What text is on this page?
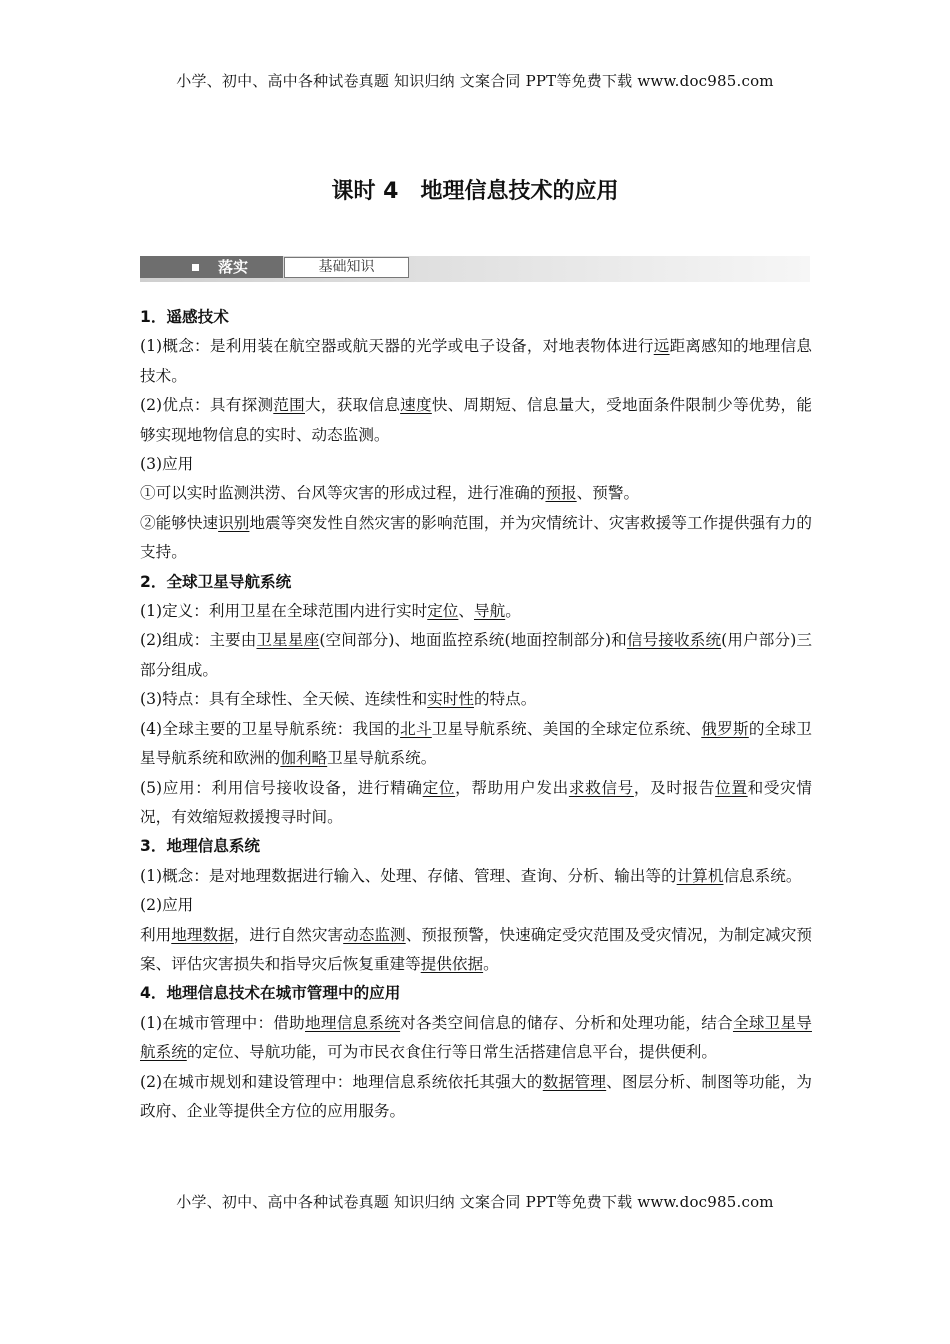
小学、初中、高中各种试卷真题 知识归纳 文案合同 PPT等免费下载 www.doc985.com
课时 4　地理信息技术的应用
落实	基础知识

1．遥感技术

(1)概念：是利用装在航空器或航天器的光学或电子设备，对地表物体进行远距离感知的地理信息技术。

(2)优点：具有探测范围大，获取信息速度快、周期短、信息量大，受地面条件限制少等优势，能够实现地物信息的实时、动态监测。

(3)应用

①可以实时监测洪涝、台风等灾害的形成过程，进行准确的预报、预警。

②能够快速识别地震等突发性自然灾害的影响范围，并为灾情统计、灾害救援等工作提供强有力的支持。

2．全球卫星导航系统

(1)定义：利用卫星在全球范围内进行实时定位、导航。

(2)组成：主要由卫星星座(空间部分)、地面监控系统(地面控制部分)和信号接收系统(用户部分)三部分组成。

(3)特点：具有全球性、全天候、连续性和实时性的特点。

(4)全球主要的卫星导航系统：我国的北斗卫星导航系统、美国的全球定位系统、俄罗斯的全球卫星导航系统和欧洲的伽利略卫星导航系统。

(5)应用：利用信号接收设备，进行精确定位，帮助用户发出求救信号，及时报告位置和受灾情况，有效缩短救援搜寻时间。

3．地理信息系统

(1)概念：是对地理数据进行输入、处理、存储、管理、查询、分析、输出等的计算机信息系统。

(2)应用

利用地理数据，进行自然灾害动态监测、预报预警，快速确定受灾范围及受灾情况，为制定减灾预案、评估灾害损失和指导灾后恢复重建等提供依据。

4．地理信息技术在城市管理中的应用

(1)在城市管理中：借助地理信息系统对各类空间信息的储存、分析和处理功能，结合全球卫星导航系统的定位、导航功能，可为市民衣食住行等日常生活搭建信息平台，提供便利。

(2)在城市规划和建设管理中：地理信息系统依托其强大的数据管理、图层分析、制图等功能，为政府、企业等提供全方位的应用服务。

小学、初中、高中各种试卷真题 知识归纳 文案合同 PPT等免费下载 www.doc985.com
